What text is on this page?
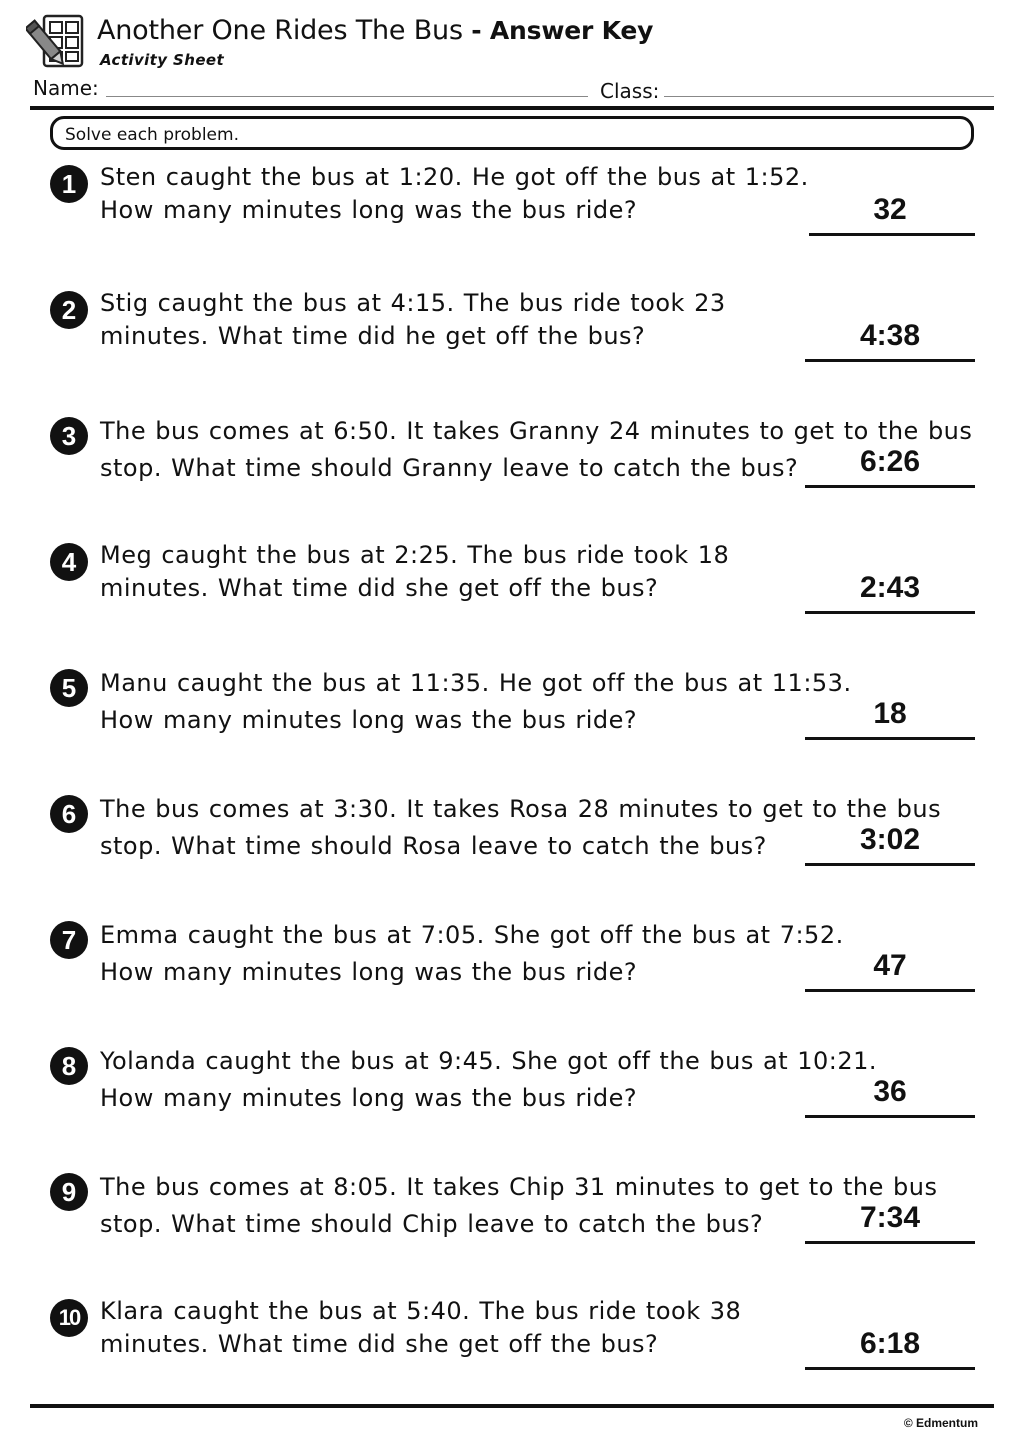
Another One Rides The Bus - Answer Key
Activity Sheet
Name:	Class:
Solve each problem.
1 Sten caught the bus at 1:20. He got off the bus at 1:52.
How many minutes long was the bus ride?	32
2 Stig caught the bus at 4:15. The bus ride took 23
minutes. What time did he get off the bus?	4:38
3 The bus comes at 6:50. It takes Granny 24 minutes to get to the bus
stop. What time should Granny leave to catch the bus?	6:26
4 Meg caught the bus at 2:25. The bus ride took 18
minutes. What time did she get off the bus?	2:43
5 Manu caught the bus at 11:35. He got off the bus at 11:53.
How many minutes long was the bus ride?	18
6 The bus comes at 3:30. It takes Rosa 28 minutes to get to the bus
stop. What time should Rosa leave to catch the bus?	3:02
7 Emma caught the bus at 7:05. She got off the bus at 7:52.
How many minutes long was the bus ride?	47
8 Yolanda caught the bus at 9:45. She got off the bus at 10:21.
How many minutes long was the bus ride?	36
9 The bus comes at 8:05. It takes Chip 31 minutes to get to the bus
stop. What time should Chip leave to catch the bus?	7:34
10 Klara caught the bus at 5:40. The bus ride took 38
minutes. What time did she get off the bus?	6:18
© Edmentum
